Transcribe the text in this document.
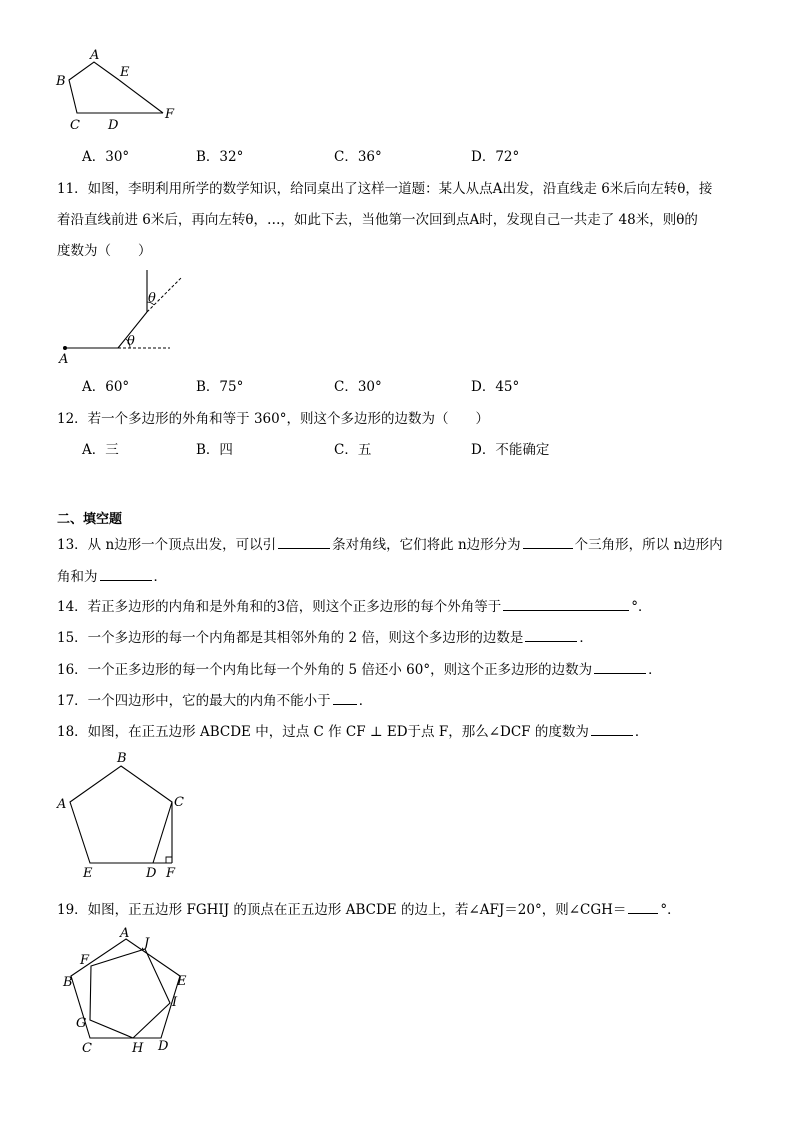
A
B
C D
E
F
A．30°	B．32°	C．36°	D．72°
11．如图，李明利用所学的数学知识，给同桌出了这样一道题：某人从点A出发，沿直线走 6米后向左转θ，接
着沿直线前进 6米后，再向左转θ，…，如此下去，当他第一次回到点A时，发现自己一共走了 48米，则θ的
度数为（　　）
A
θ
θ
A．60°	B．75°	C．30°	D．45°
12．若一个多边形的外角和等于 360°，则这个多边形的边数为（　　）
A．三	B．四	C．五	D．不能确定
二、填空题
13．从 n边形一个顶点出发，可以引	条对角线，它们将此 n边形分为	个三角形，所以 n边形内
角和为	．
14．若正多边形的内角和是外角和的3倍，则这个正多边形的每个外角等于	°．
15．一个多边形的每一个内角都是其相邻外角的 2 倍，则这个多边形的边数是	．
16．一个正多边形的每一个内角比每一个外角的 5 倍还小 60°，则这个正多边形的边数为	．
17．一个四边形中，它的最大的内角不能小于 ．
18．如图，在正五边形 ABCDE 中，过点 C 作 CF ⊥ ED于点 F，那么∠DCF 的度数为	．
B
A	C
E	D F
19．如图，正五边形 FGHIJ 的顶点在正五边形 ABCDE 的边上，若∠AFJ＝20°，则∠CGH＝	°．
A
J
F
B	E
I
G
C	H D
